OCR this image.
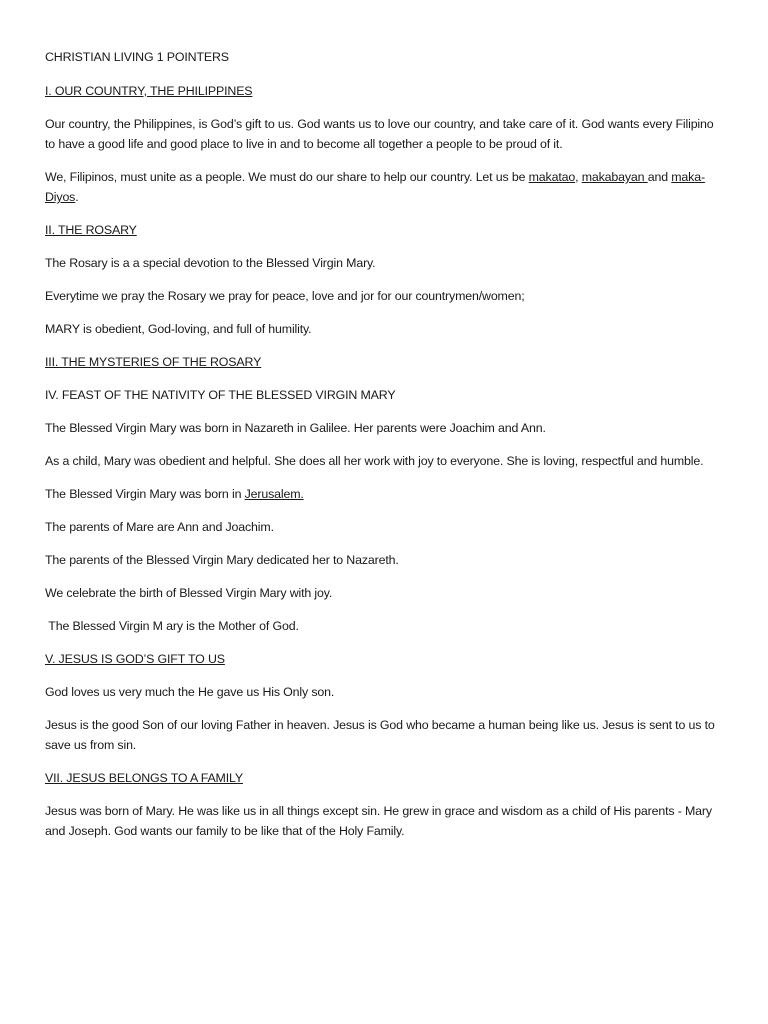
CHRISTIAN LIVING 1 POINTERS

I. OUR COUNTRY, THE PHILIPPINES

Our country, the Philippines, is God’s gift to us. God wants us to love our country, and take care of it. God wants every Filipino to have a good life and good place to live in and to become all together a people to be proud of it.

We, Filipinos, must unite as a people. We must do our share to help our country. Let us be makatao, makabayan and maka-Diyos.

II. THE ROSARY

The Rosary is a a special devotion to the Blessed Virgin Mary.

Everytime we pray the Rosary we pray for peace, love and jor for our countrymen/women;

MARY is obedient, God-loving, and full of humility.

III. THE MYSTERIES OF THE ROSARY

IV. FEAST OF THE NATIVITY OF THE BLESSED VIRGIN MARY

The Blessed Virgin Mary was born in Nazareth in Galilee. Her parents were Joachim and Ann.

As a child, Mary was obedient and helpful. She does all her work with joy to everyone. She is loving, respectful and humble.

The Blessed Virgin Mary was born in Jerusalem.

The parents of Mare are Ann and Joachim.

The parents of the Blessed Virgin Mary dedicated her to Nazareth.

We celebrate the birth of Blessed Virgin Mary with joy.

The Blessed Virgin M ary is the Mother of God.

V. JESUS IS GOD’S GIFT TO US

God loves us very much the He gave us His Only son.

Jesus is the good Son of our loving Father in heaven. Jesus is God who became a human being like us. Jesus is sent to us to save us from sin.

VII. JESUS BELONGS TO A FAMILY

Jesus was born of Mary. He was like us in all things except sin. He grew in grace and wisdom as a child of His parents - Mary and Joseph. God wants our family to be like that of the Holy Family.
